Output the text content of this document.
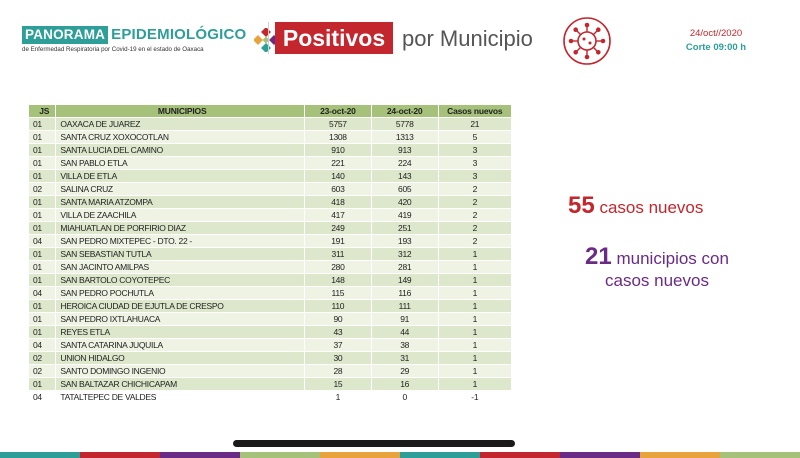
PANORAMA EPIDEMIOLÓGICO
de Enfermedad Respiratoria por Covid-19 en el estado de Oaxaca	Positivos por Municipio	24/oct//2020
Corte 09:00 h
JS	MUNICIPIOS	23-oct-20	24-oct-20	Casos nuevos
01	OAXACA DE JUAREZ	5757	5778	21
01	SANTA CRUZ XOXOCOTLAN	1308	1313	5
01	SANTA LUCIA DEL CAMINO	910	913	3
01	SAN PABLO ETLA	221	224	3
01	VILLA DE ETLA	140	143	3
02	SALINA CRUZ	603	605	2
01	SANTA MARIA ATZOMPA	418	420	2
01	VILLA DE ZAACHILA	417	419	2
01	MIAHUATLAN DE PORFIRIO DIAZ	249	251	2
04	SAN PEDRO MIXTEPEC - DTO. 22 -	191	193	2
01	SAN SEBASTIAN TUTLA	311	312	1
01	SAN JACINTO AMILPAS	280	281	1
01	SAN BARTOLO COYOTEPEC	148	149	1
04	SAN PEDRO POCHUTLA	115	116	1
01	HEROICA CIUDAD DE EJUTLA DE CRESPO	110	111	1
01	SAN PEDRO IXTLAHUACA	90	91	1
01	REYES ETLA	43	44	1
04	SANTA CATARINA JUQUILA	37	38	1
02	UNION HIDALGO	30	31	1
02	SANTO DOMINGO INGENIO	28	29	1
01	SAN BALTAZAR CHICHICAPAM	15	16	1
04	TATALTEPEC DE VALDES	1	0	-1
55 casos nuevos
21 municipios con
casos nuevos
